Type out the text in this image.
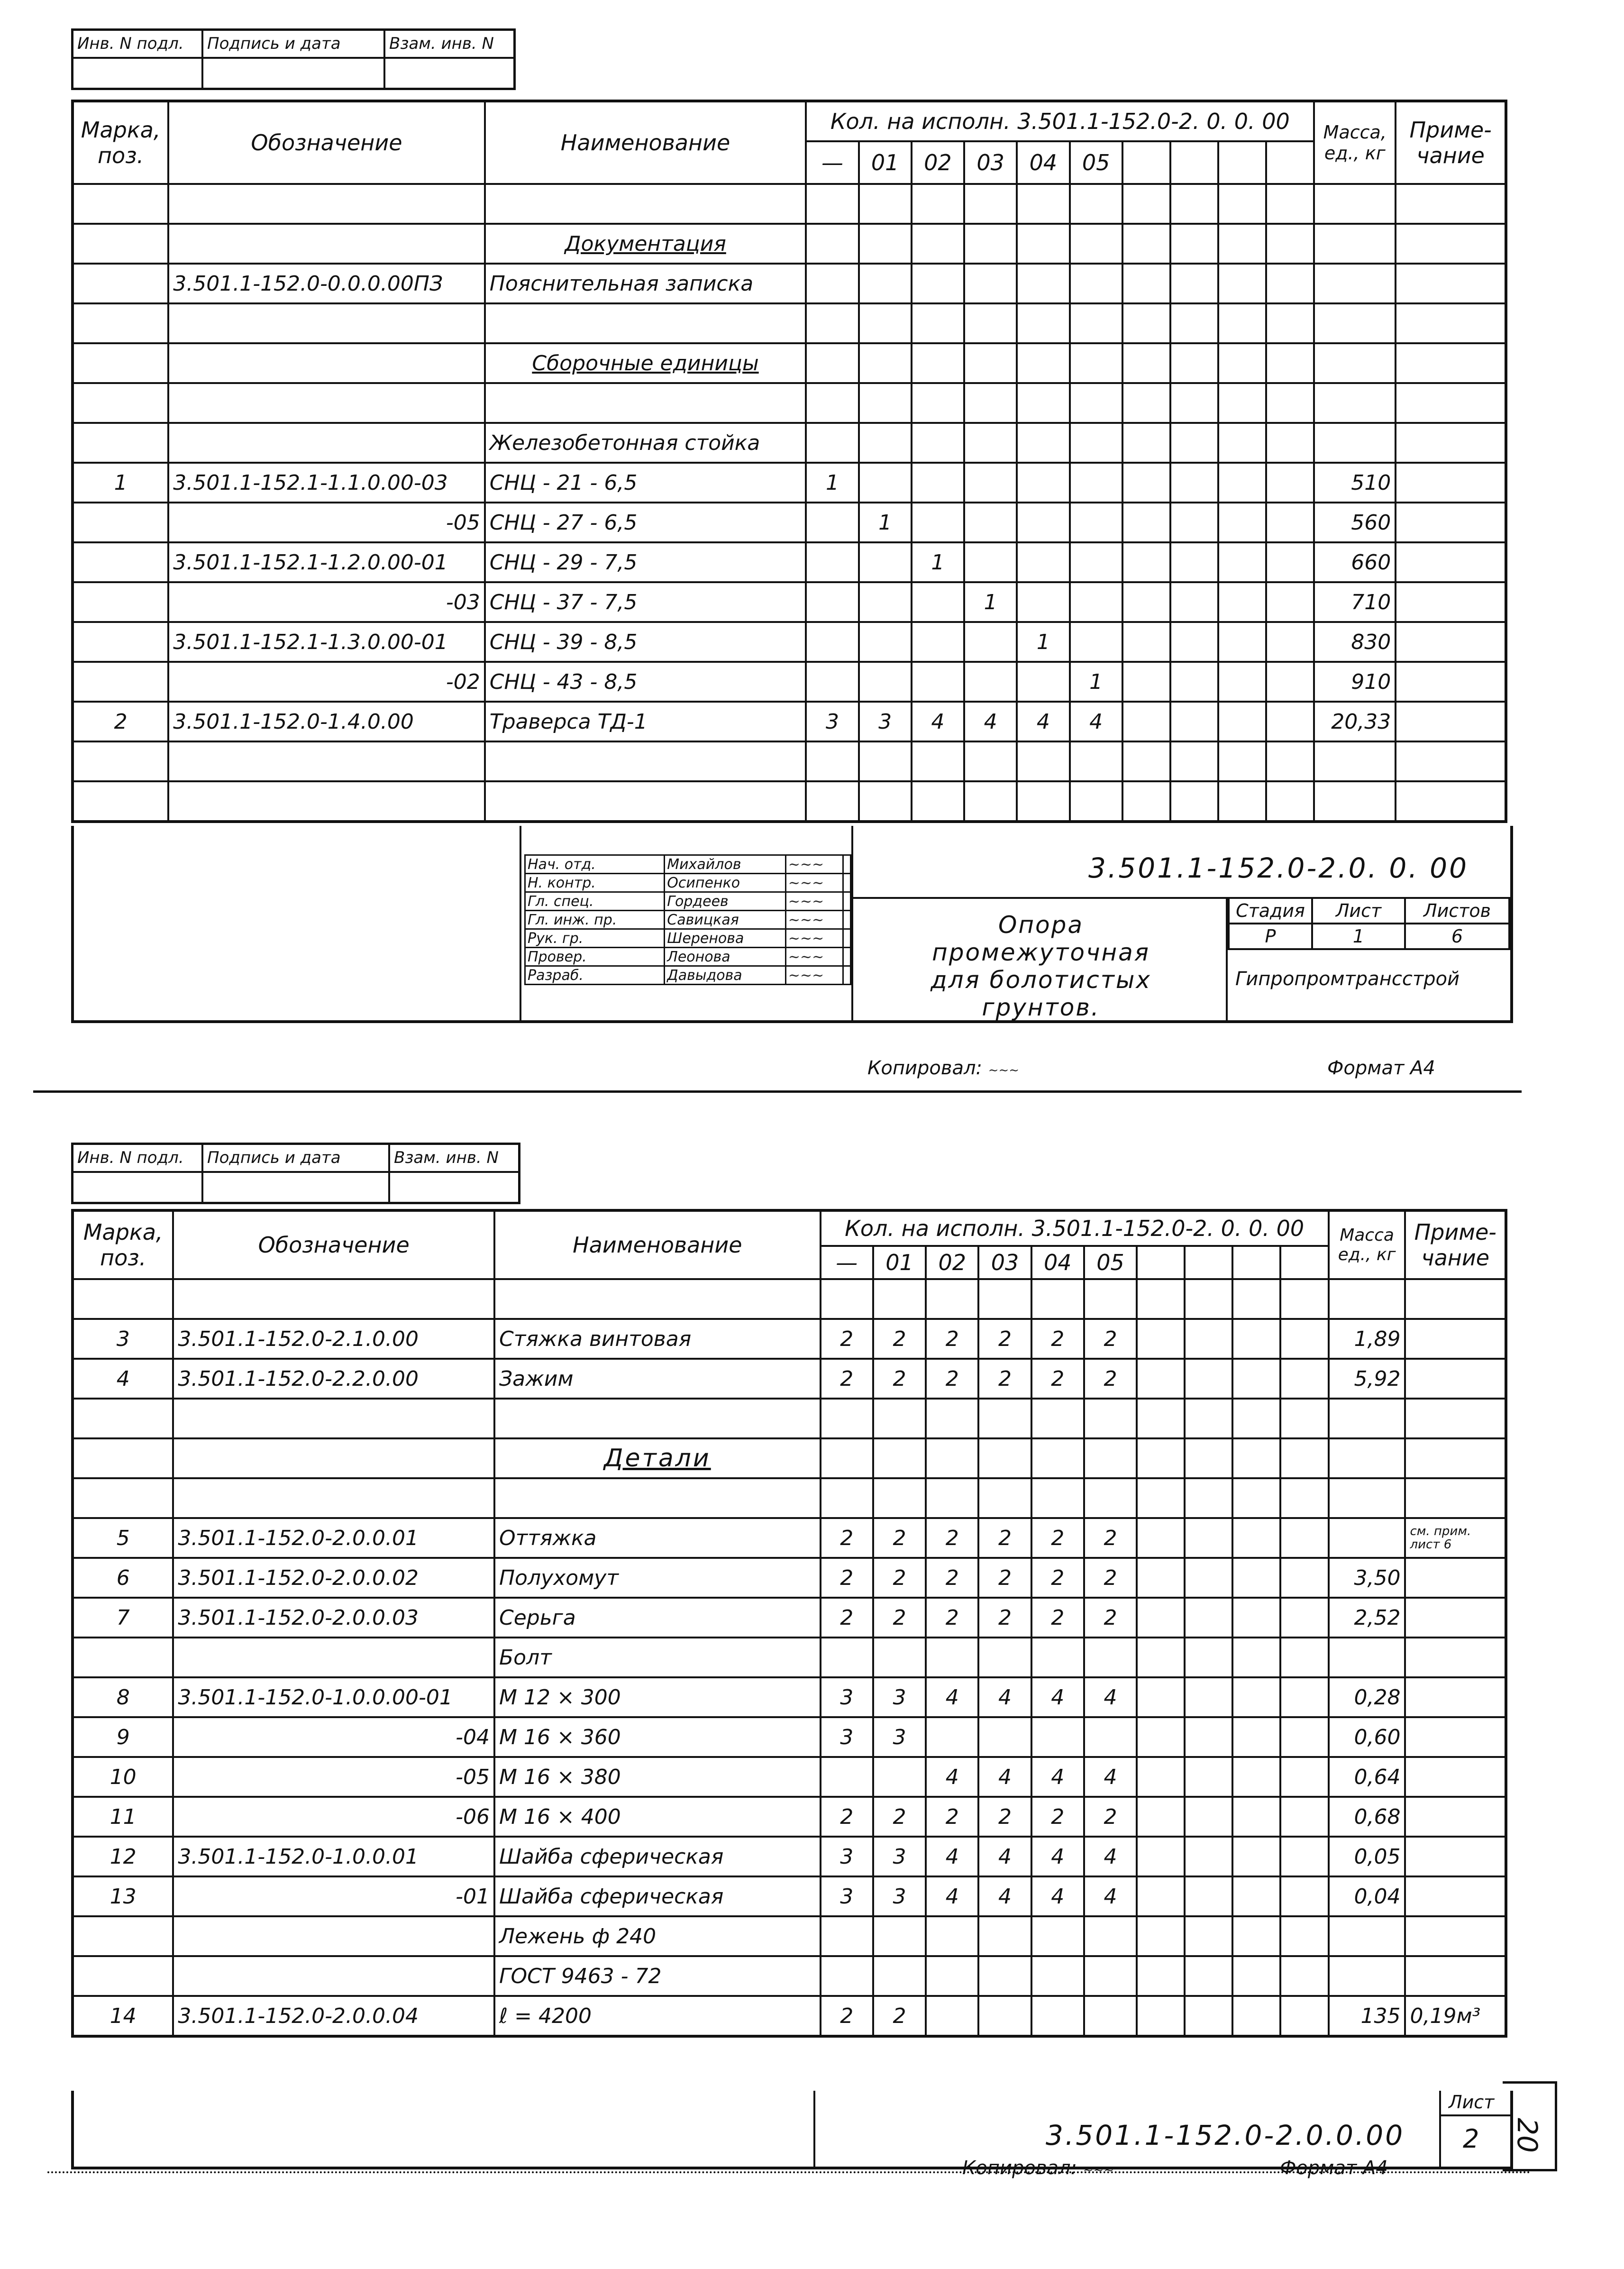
Инв. N подл.	Подпись и дата	Взам. инв. N
Марка, поз.	Обозначение	Наименование	Кол. на исполн. 3.501.1-152.0-2. 0. 0. 00										Масса, ед., кг	Приме- чание
			—	01	02	03	04	05						

		Документация												
	3.501.1-152.0-0.0.0.00ПЗ	Пояснительная записка												

		Сборочные единицы												

		Железобетонная стойка												
1	3.501.1-152.1-1.1.0.00-03	СНЦ - 21 - 6,5	1										510	
	-05	СНЦ - 27 - 6,5		1									560	
	3.501.1-152.1-1.2.0.00-01	СНЦ - 29 - 7,5			1								660	
	-03	СНЦ - 37 - 7,5				1							710	
	3.501.1-152.1-1.3.0.00-01	СНЦ - 39 - 8,5					1						830	
	-02	СНЦ - 43 - 8,5						1					910	
2	3.501.1-152.0-1.4.0.00	Траверса ТД-1	3	3	4	4	4	4					20,33	

Нач. отд.	Михайлов	~~~	
Н. контр.	Осипенко	~~~	
Гл. спец.	Гордеев	~~~	
Гл. инж. пр.	Савицкая	~~~	
Рук. гр.	Шеренова	~~~	
Провер.	Леонова	~~~	
Разраб.	Давыдова	~~~	
3.501.1-152.0-2.0. 0. 00
Опора
промежуточная
для болотистых
грунтов.
Стадия	Лист	Листов
Р	1	6
Гипропромтрансстрой
Копировал: ∼∼∼	Формат А4
Инв. N подл.	Подпись и дата	Взам. инв. N
Марка, поз.	Обозначение	Наименование	Кол. на исполн. 3.501.1-152.0-2. 0. 0. 00										Масса ед., кг	Приме- чание
			—	01	02	03	04	05						

3	3.501.1-152.0-2.1.0.00	Стяжка винтовая	2	2	2	2	2	2					1,89	
4	3.501.1-152.0-2.2.0.00	Зажим	2	2	2	2	2	2					5,92	

		Детали												

5	3.501.1-152.0-2.0.0.01	Оттяжка	2	2	2	2	2	2						см. прим. лист 6
6	3.501.1-152.0-2.0.0.02	Полухомут	2	2	2	2	2	2					3,50	
7	3.501.1-152.0-2.0.0.03	Серьга	2	2	2	2	2	2					2,52	
		Болт												
8	3.501.1-152.0-1.0.0.00-01	М 12 × 300	3	3	4	4	4	4					0,28	
9	-04	М 16 × 360	3	3									0,60	
10	-05	М 16 × 380			4	4	4	4					0,64	
11	-06	М 16 × 400	2	2	2	2	2	2					0,68	
12	3.501.1-152.0-1.0.0.01	Шайба сферическая	3	3	4	4	4	4					0,05	
13	-01	Шайба сферическая	3	3	4	4	4	4					0,04	
		Лежень ф 240												
		ГОСТ 9463 - 72												
14	3.501.1-152.0-2.0.0.04	ℓ = 4200	2	2									135	0,19м³
3.501.1-152.0-2.0.0.00
Лист
2 20
Копировал: ∼∼∼	Формат А4
